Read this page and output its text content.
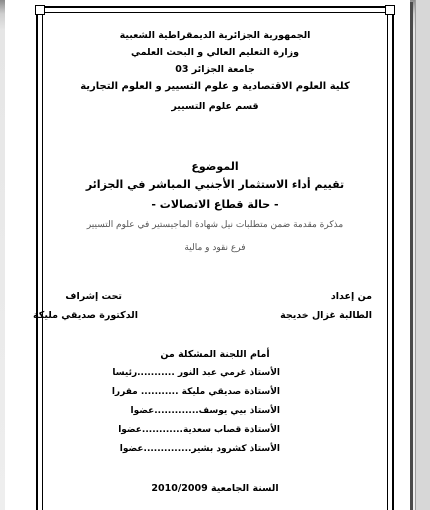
الجمهورية الجزائرية الديمقراطية الشعبية
وزارة التعليم العالي و البحث العلمي
جامعة الجزائر 03
كلية العلوم الاقتصادية و علوم التسيير و العلوم التجارية
قسم علوم التسيير
الموضوع
تقييم أداء الاستثمار الأجنبي المباشر في الجزائر
- حالة قطاع الاتصالات -
مذكرة مقدمة ضمن متطلبات نيل شهادة الماجيستير في علوم التسيير
فرع نقود و مالية
من إعداد
الطالبة غزال خديجة
تحت إشراف
الدكتورة صديقي مليكة
أمام اللجنة المشكلة من
الأستاذ غرمي عبد النور ...........رئيسا
الأستاذة صديقي مليكة ........... مقررا
الأستاذ بيي يوسف.............عضوا
الأستاذة قصاب سعدية............عضوا
الأستاذ كشرود بشير..............عضوا
السنة الجامعية 2010/2009
